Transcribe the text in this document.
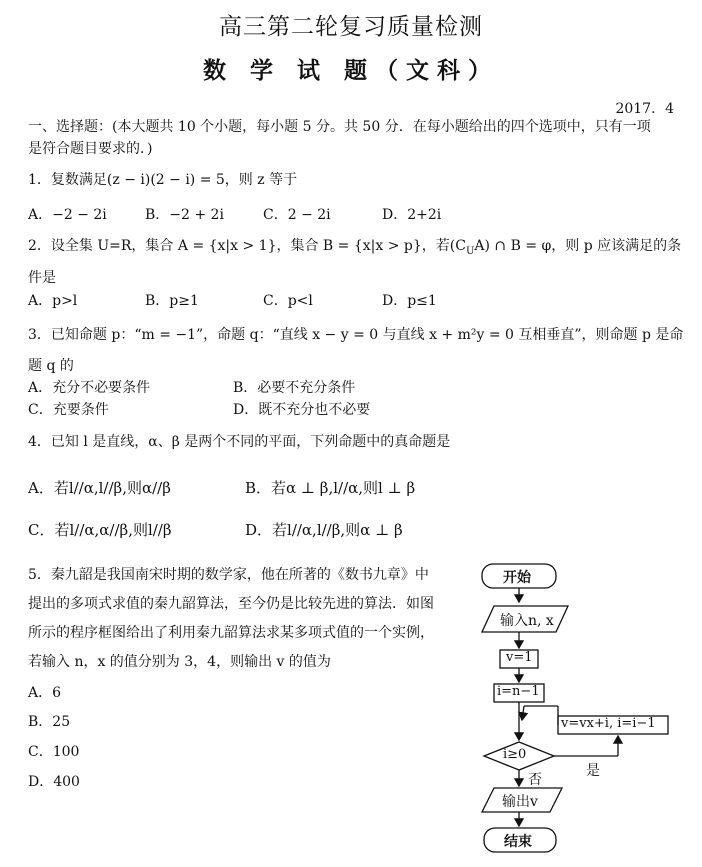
高三第二轮复习质量检测
数 学 试 题（文科）
2017．4
一、选择题：(本大题共 10 个小题，每小题 5 分。共 50 分．在每小题给出的四个选项中，只有一项
是符合题目要求的．)
1．复数满足(z − i)(2 − i) = 5，则 z 等于
A．−2 − 2i	B．−2 + 2i	C．2 − 2i	D．2+2i
2．设全集 U=R，集合 A = {x|x > 1}，集合 B = {x|x > p}，若$(C_UA)$ ∩ B = φ，则 p 应该满足的条
件是
A．p>l	B．p≥1	C．p<l	D．p≤1
3．已知命题 p：“m = −1”，命题 q：“直线 x − y = 0 与直线 x + m²y = 0 互相垂直”，则命题 p 是命
题 q 的
A．充分不必要条件	B．必要不充分条件
C．充要条件	D．既不充分也不必要
4．已知 l 是直线，α、β 是两个不同的平面，下列命题中的真命题是
A．若l//α,l//β,则α//β	B．若α ⊥ β,l//α,则l ⊥ β
C．若l//α,α//β,则l//β	D．若l//α,l//β,则α ⊥ β
5．秦九韶是我国南宋时期的数学家，他在所著的《数书九章》中
提出的多项式求值的秦九韶算法，至今仍是比较先进的算法．如图
所示的程序框图给出了利用秦九韶算法求某多项式值的一个实例，
若输入 n，x 的值分别为 3，4，则输出 v 的值为
A．6
B．25
C．100
D．400
开始
输入n, x
v=1
i=n−1
v=vx+i, i=i−1
i≥0
否
是
输出v
结束
